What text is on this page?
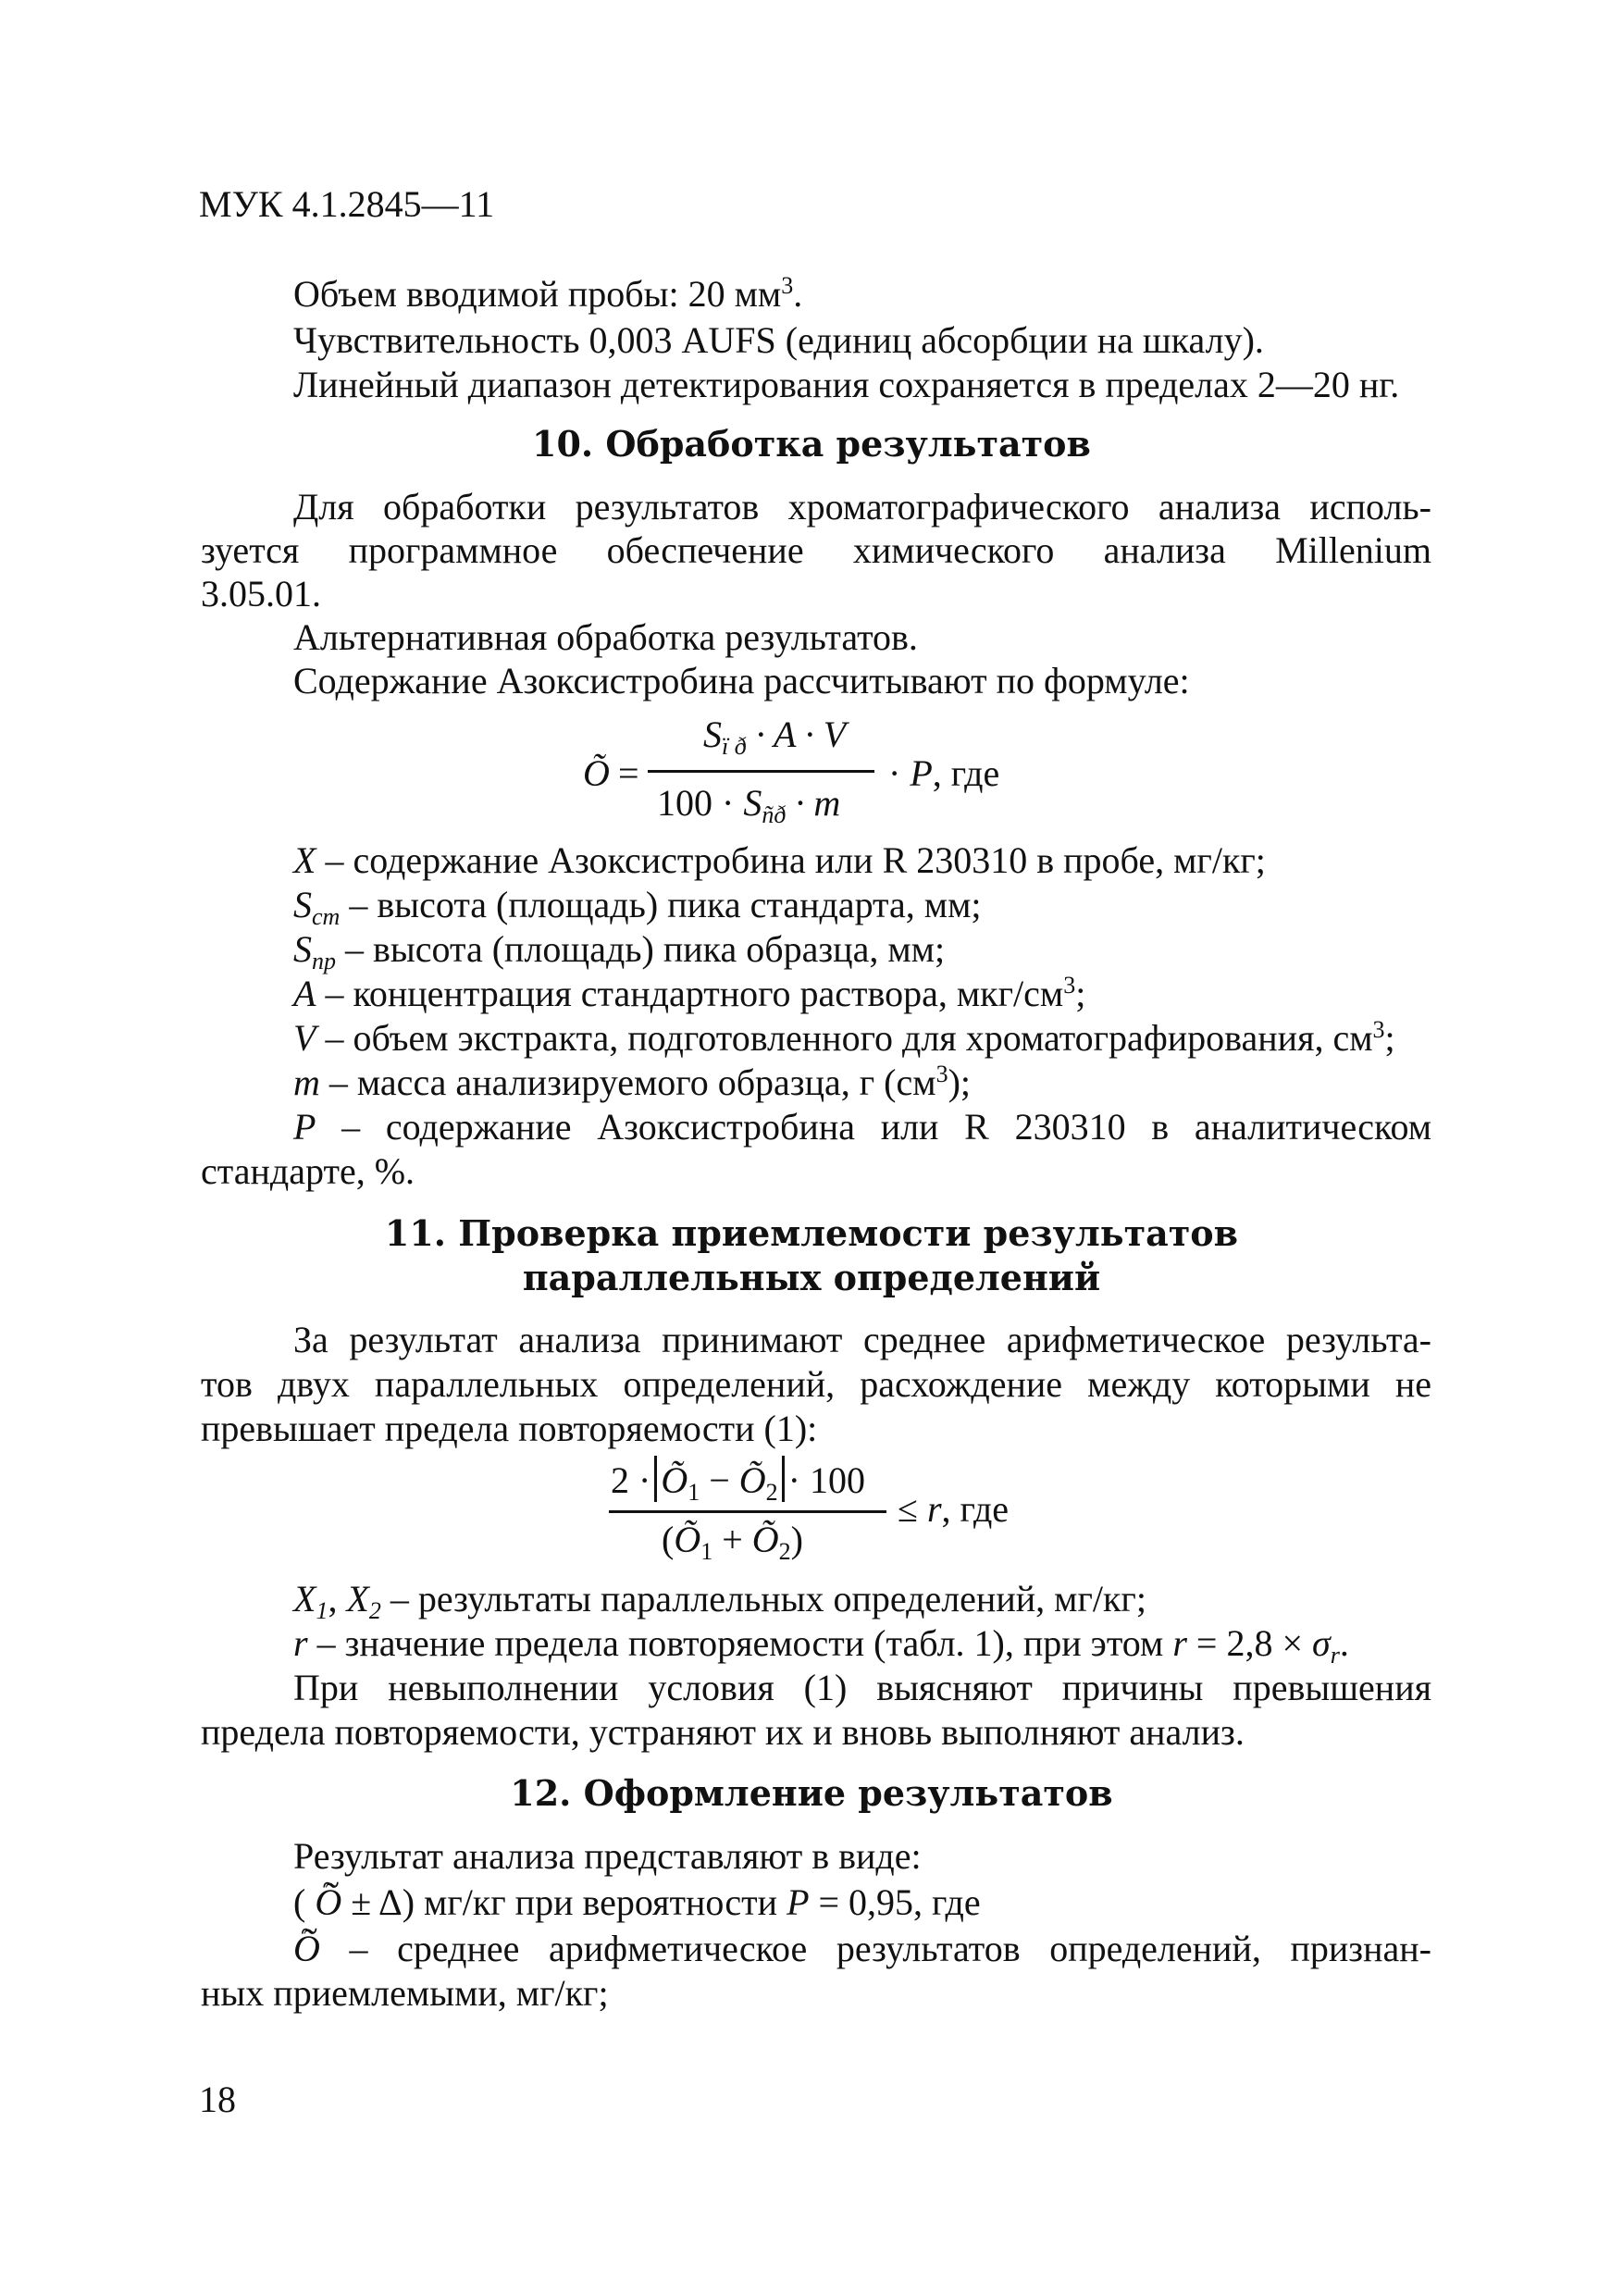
МУК 4.1.2845—11
Объем вводимой пробы: 20 $мм^3$.
Чувствительность 0,003 AUFS (единиц абсорбции на шкалу).
Линейный диапазон детектирования сохраняется в пределах 2—20 нг.
10. Обработка результатов
Для обработки результатов хроматографического анализа исполь-
зуется программное обеспечение химического анализа Millenium
3.05.01.
Альтернативная обработка результатов.
Содержание Азоксистробина рассчитывают по формуле:
Õ =
$S_{ï ð} \cdot A \cdot V$
$100 \cdot S_{ñð} \cdot m$
· P, где
X – содержание Азоксистробина или R 230310 в пробе, мг/кг;
$S_{cm}$ – высота (площадь) пика стандарта, мм;
$S_{np}$ – высота (площадь) пика образца, мм;
A – концентрация стандартного раствора, мкг/$см^3$;
V – объем экстракта, подготовленного для хроматографирования, $см^3$;
m – масса анализируемого образца, г $(см^3)$;
P – содержание Азоксистробина или R 230310 в аналитическом
стандарте, %.
11. Проверка приемлемости результатов
параллельных определений
За результат анализа принимают среднее арифметическое результа-
тов двух параллельных определений, расхождение между которыми не
превышает предела повторяемости (1):
$2 \cdot Õ_1$ − $Õ_2 \cdot 100$
($Õ_1$ + $Õ_2$)
≤ r, где
$X_1$, $X_2$ – результаты параллельных определений, мг/кг;
r – значение предела повторяемости (табл. 1), при этом $r = 2,8 \times \sigma_r$.
При невыполнении условия (1) выясняют причины превышения
предела повторяемости, устраняют их и вновь выполняют анализ.
12. Оформление результатов
Результат анализа представляют в виде:
( ~ Õ ± Δ) мг/кг при вероятности P = 0,95, где
~ Õ – среднее арифметическое результатов определений, признан-
ных приемлемыми, мг/кг;
18
